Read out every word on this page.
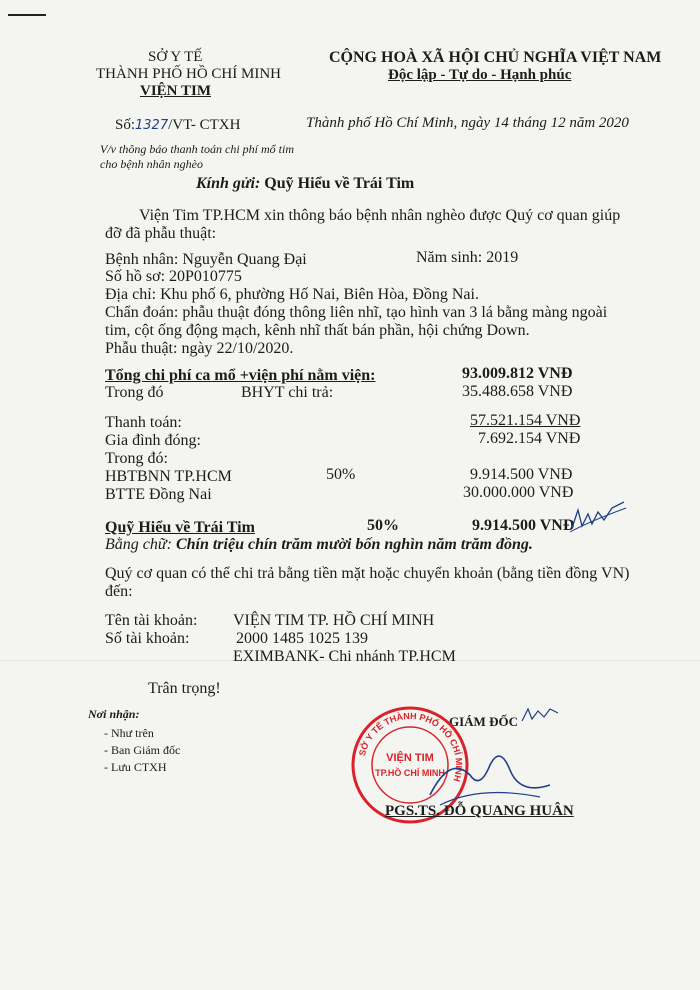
SỞ Y TẾ
THÀNH PHỐ HỒ CHÍ MINH
VIỆN TIM
CỘNG HOÀ XÃ HỘI CHỦ NGHĨA VIỆT NAM
Độc lập - Tự do - Hạnh phúc
Số:1327/VT- CTXH
V/v thông báo thanh toán chi phí mổ tim
cho bệnh nhân nghèo
Thành phố Hồ Chí Minh, ngày 14 tháng 12 năm 2020
Kính gửi: Quỹ Hiểu về Trái Tim
Viện Tim TP.HCM xin thông báo bệnh nhân nghèo được Quý cơ quan giúp
đỡ đã phẫu thuật:
Bệnh nhân: Nguyễn Quang Đại	Năm sinh: 2019
Số hồ sơ: 20P010775
Địa chỉ: Khu phố 6, phường Hố Nai, Biên Hòa, Đồng Nai.
Chẩn đoán: phẫu thuật đóng thông liên nhĩ, tạo hình van 3 lá bằng màng ngoài
tim, cột ống động mạch, kênh nhĩ thất bán phần, hội chứng Down.
Phẫu thuật: ngày 22/10/2020.
Tổng chi phí ca mổ +viện phí nằm viện:	93.009.812 VNĐ
Trong đó	BHYT chi trả:	35.488.658 VNĐ
Thanh toán:	57.521.154 VNĐ
Gia đình đóng:	7.692.154 VNĐ
Trong đó:
HBTBNN TP.HCM	50%	9.914.500 VNĐ
BTTE Đồng Nai	30.000.000 VNĐ
Quỹ Hiểu về Trái Tim	50%	9.914.500 VNĐ
Bằng chữ: Chín triệu chín trăm mười bốn nghìn năm trăm đồng.
Quý cơ quan có thể chi trả bằng tiền mặt hoặc chuyển khoản (bằng tiền đồng VN)
đến:
Tên tài khoản: VIỆN TIM TP. HỒ CHÍ MINH
Số tài khoản:	2000 1485 1025 139
EXIMBANK- Chi nhánh TP.HCM
Trân trọng!
Nơi nhận:
- Như trên
- Ban Giám đốc
- Lưu CTXH
GIÁM ĐỐC
SỞ Y TẾ THÀNH PHỐ HỒ CHÍ MINH
VIỆN TIM
TP.HỒ CHÍ MINH
PGS.TS. ĐỖ QUANG HUÂN
